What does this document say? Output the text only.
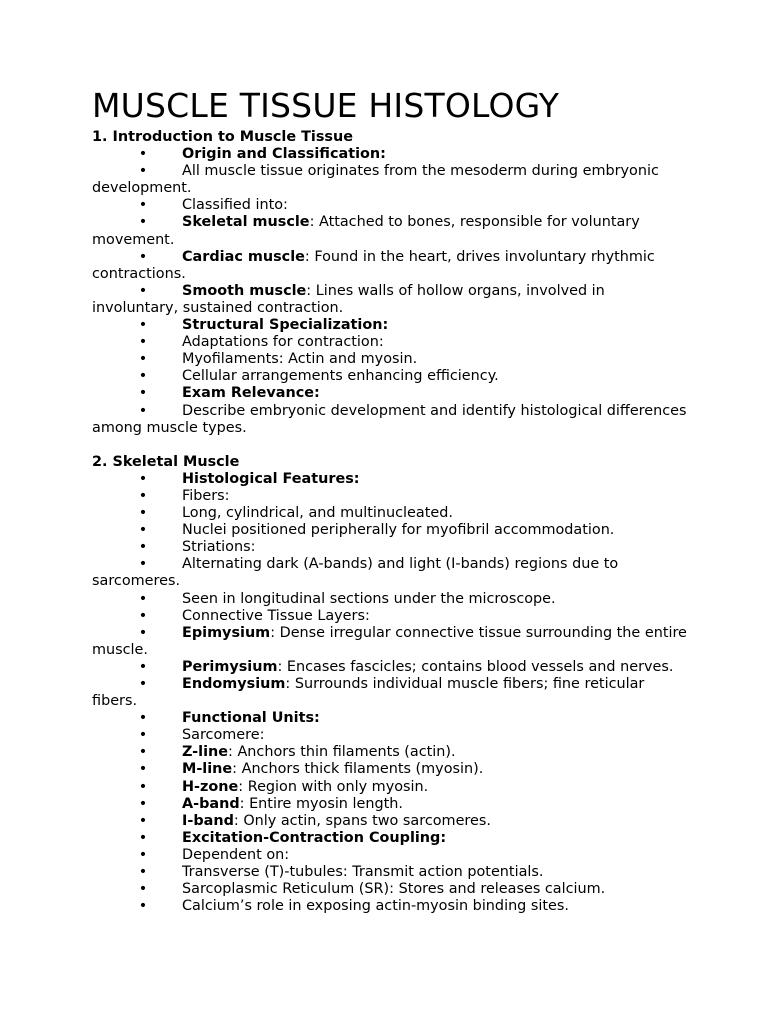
MUSCLE TISSUE HISTOLOGY
1. Introduction to Muscle Tissue
• Origin and Classification:
• All muscle tissue originates from the mesoderm during embryonic development.
• Classified into:
• Skeletal muscle: Attached to bones, responsible for voluntary movement.
• Cardiac muscle: Found in the heart, drives involuntary rhythmic contractions.
• Smooth muscle: Lines walls of hollow organs, involved in involuntary, sustained contraction.
• Structural Specialization:
• Adaptations for contraction:
• Myofilaments: Actin and myosin.
• Cellular arrangements enhancing efficiency.
• Exam Relevance:
• Describe embryonic development and identify histological differences among muscle types.
2. Skeletal Muscle
• Histological Features:
• Fibers:
• Long, cylindrical, and multinucleated.
• Nuclei positioned peripherally for myofibril accommodation.
• Striations:
• Alternating dark (A-bands) and light (I-bands) regions due to sarcomeres.
• Seen in longitudinal sections under the microscope.
• Connective Tissue Layers:
• Epimysium: Dense irregular connective tissue surrounding the entire muscle.
• Perimysium: Encases fascicles; contains blood vessels and nerves.
• Endomysium: Surrounds individual muscle fibers; fine reticular fibers.
• Functional Units:
• Sarcomere:
• Z-line: Anchors thin filaments (actin).
• M-line: Anchors thick filaments (myosin).
• H-zone: Region with only myosin.
• A-band: Entire myosin length.
• I-band: Only actin, spans two sarcomeres.
• Excitation-Contraction Coupling:
• Dependent on:
• Transverse (T)-tubules: Transmit action potentials.
• Sarcoplasmic Reticulum (SR): Stores and releases calcium.
• Calcium’s role in exposing actin-myosin binding sites.
